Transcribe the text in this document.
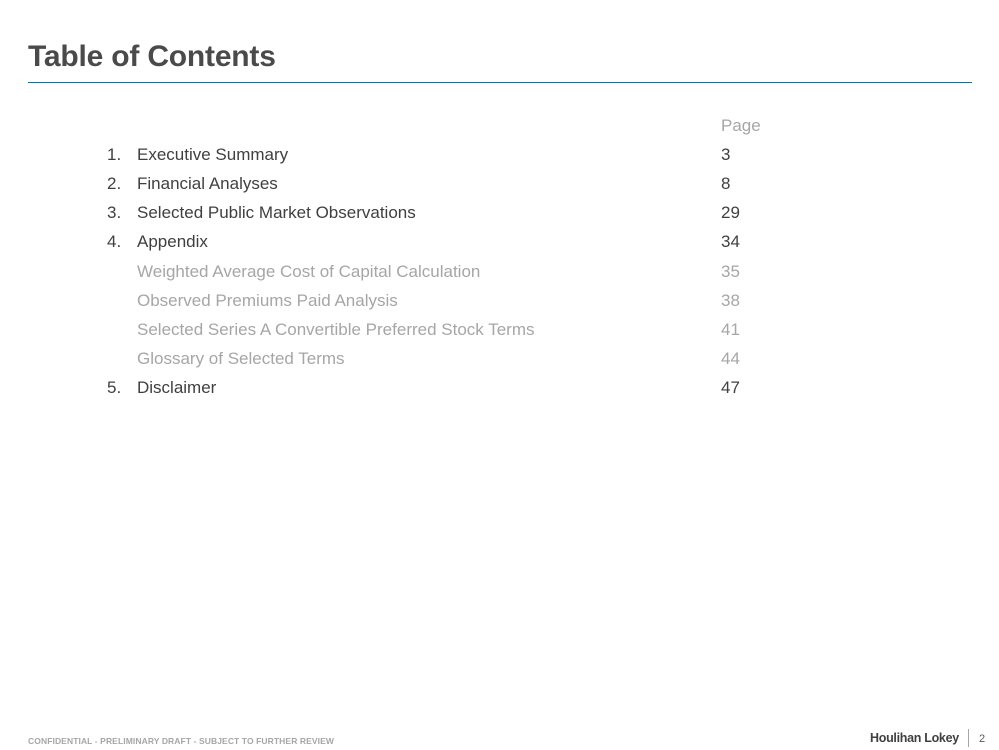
Table of Contents
Page
1. Executive Summary	3
2. Financial Analyses	8
3. Selected Public Market Observations	29
4. Appendix	34
Weighted Average Cost of Capital Calculation	35
Observed Premiums Paid Analysis	38
Selected Series A Convertible Preferred Stock Terms	41
Glossary of Selected Terms	44
5. Disclaimer	47
CONFIDENTIAL - PRELIMINARY DRAFT - SUBJECT TO FURTHER REVIEW	Houlihan Lokey 2
